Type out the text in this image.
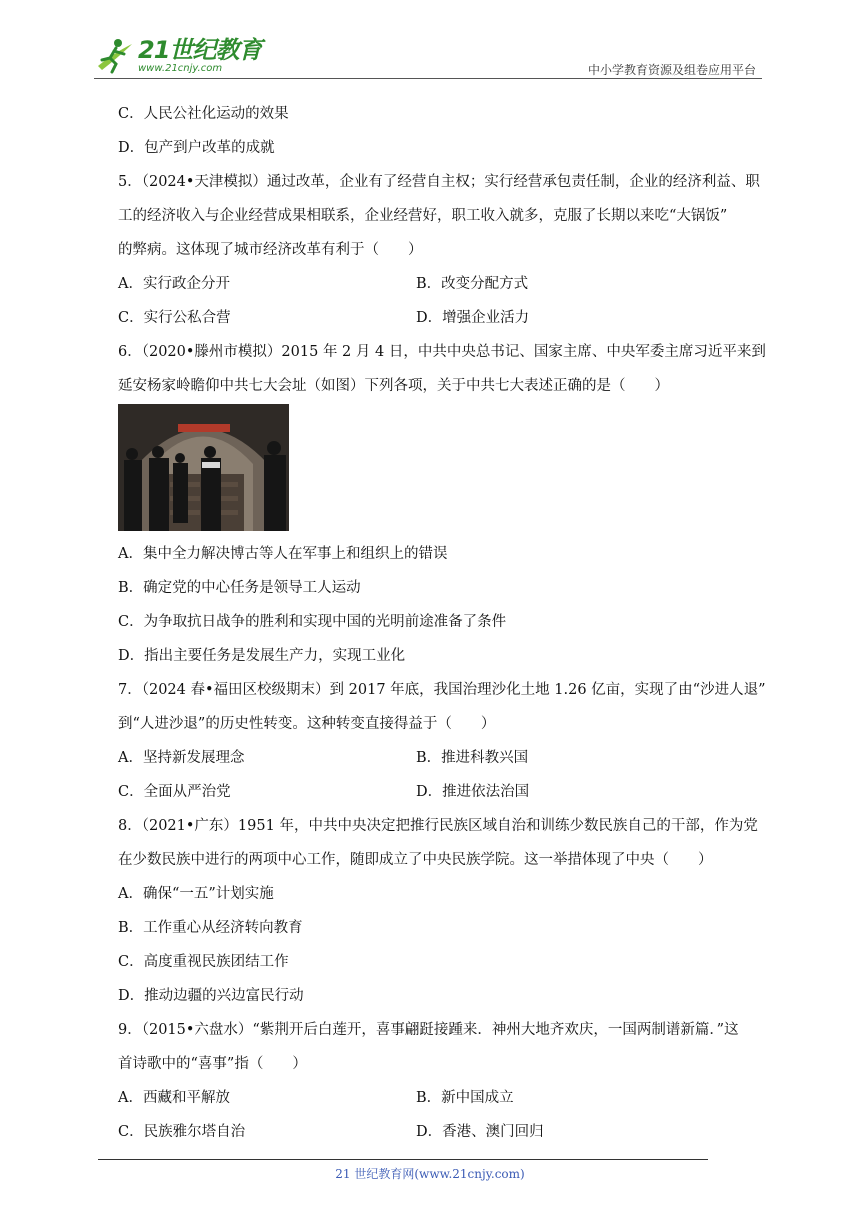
21世纪教育
www.21cnjy.com	中小学教育资源及组卷应用平台
C．人民公社化运动的效果
D．包产到户改革的成就
5．（2024•天津模拟）通过改革，企业有了经营自主权；实行经营承包责任制，企业的经济利益、职
工的经济收入与企业经营成果相联系，企业经营好，职工收入就多，克服了长期以来吃“大锅饭”
的弊病。这体现了城市经济改革有利于（　　）
A．实行政企分开	B．改变分配方式
C．实行公私合营	D．增强企业活力
6．（2020•滕州市模拟）2015 年 2 月 4 日，中共中央总书记、国家主席、中央军委主席习近平来到
延安杨家岭瞻仰中共七大会址（如图）下列各项，关于中共七大表述正确的是（　　）
A．集中全力解决博古等人在军事上和组织上的错误
B．确定党的中心任务是领导工人运动
C．为争取抗日战争的胜利和实现中国的光明前途准备了条件
D．指出主要任务是发展生产力，实现工业化
7．（2024 春•福田区校级期末）到 2017 年底，我国治理沙化土地 1.26 亿亩，实现了由“沙进人退”
到“人进沙退”的历史性转变。这种转变直接得益于（　　）
A．坚持新发展理念	B．推进科教兴国
C．全面从严治党	D．推进依法治国
8．（2021•广东）1951 年，中共中央决定把推行民族区域自治和训练少数民族自己的干部，作为党
在少数民族中进行的两项中心工作，随即成立了中央民族学院。这一举措体现了中央（　　）
A．确保“一五”计划实施
B．工作重心从经济转向教育
C．高度重视民族团结工作
D．推动边疆的兴边富民行动
9．（2015•六盘水）“紫荆开后白莲开，喜事翩跹接踵来．神州大地齐欢庆，一国两制谱新篇．”这
首诗歌中的“喜事”指（　　）
A．西藏和平解放	B．新中国成立
C．民族雅尔塔自治	D．香港、澳门回归
21 世纪教育网(www.21cnjy.com)
